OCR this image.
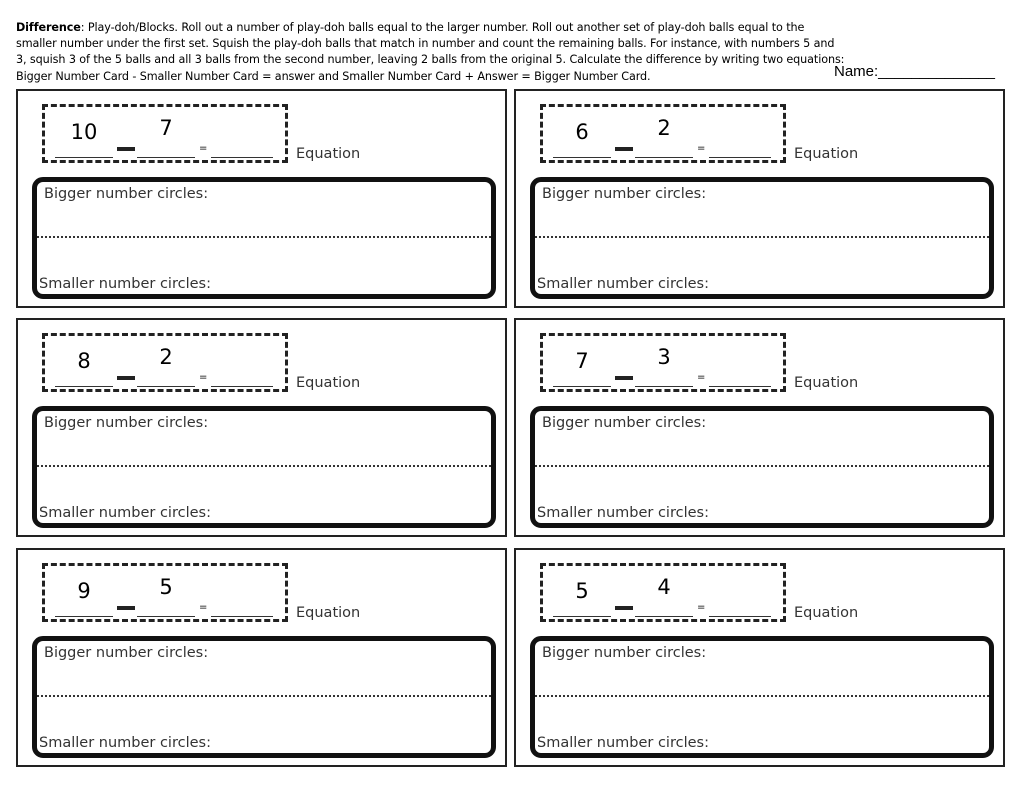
Difference: Play-doh/Blocks. Roll out a number of play-doh balls equal to the larger number. Roll out another set of play-doh balls equal to the smaller number under the first set. Squish the play-doh balls that match in number and count the remaining balls. For instance, with numbers 5 and 3, squish 3 of the 5 balls and all 3 balls from the second number, leaving 2 balls from the original 5. Calculate the difference by writing two equations: Bigger Number Card - Smaller Number Card = answer and Smaller Number Card + Answer = Bigger Number Card.	Name:______________
10	7
=	Equation
Bigger number circles:
Smaller number circles:
6	2
=	Equation
Bigger number circles:
Smaller number circles:
8	2
=	Equation
Bigger number circles:
Smaller number circles:
7	3
=	Equation
Bigger number circles:
Smaller number circles:
9	5
=	Equation
Bigger number circles:
Smaller number circles:
5	4
=	Equation
Bigger number circles:
Smaller number circles:
